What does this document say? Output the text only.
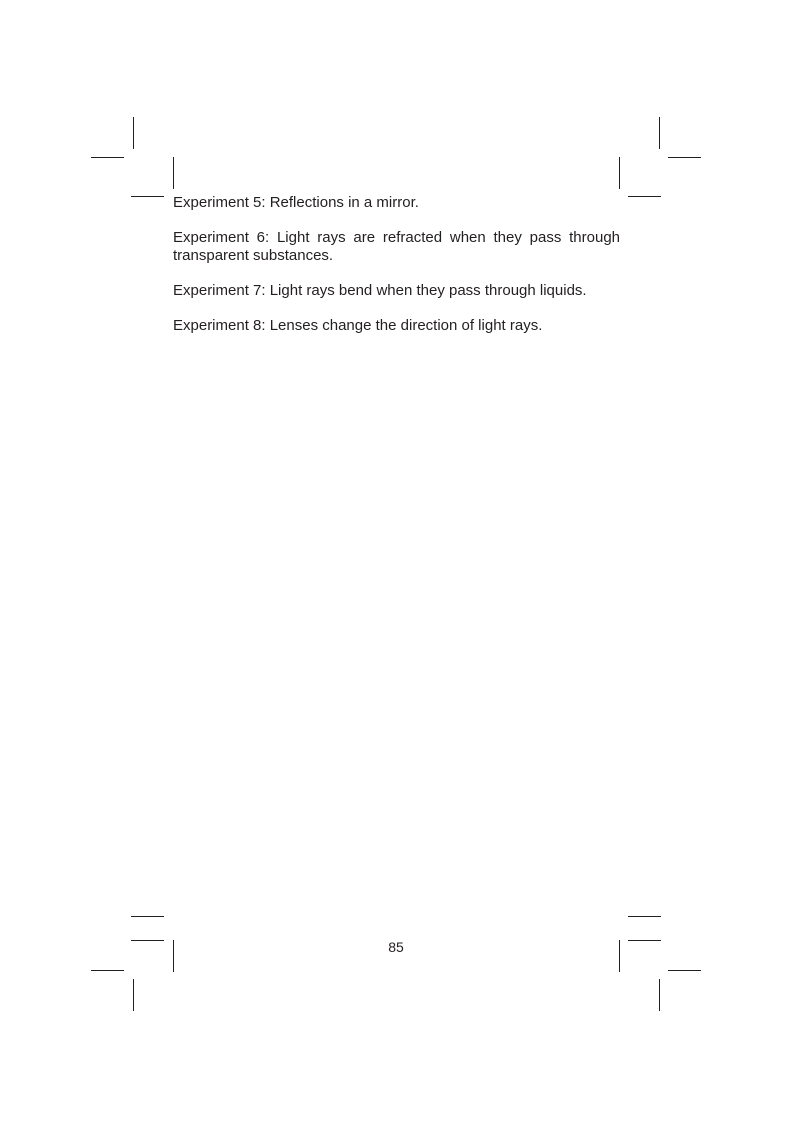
Experiment 5: Reflections in a mirror.

Experiment 6: Light rays are refracted when they pass through transparent substances.

Experiment 7: Light rays bend when they pass through liquids.

Experiment 8: Lenses change the direction of light rays.

85
